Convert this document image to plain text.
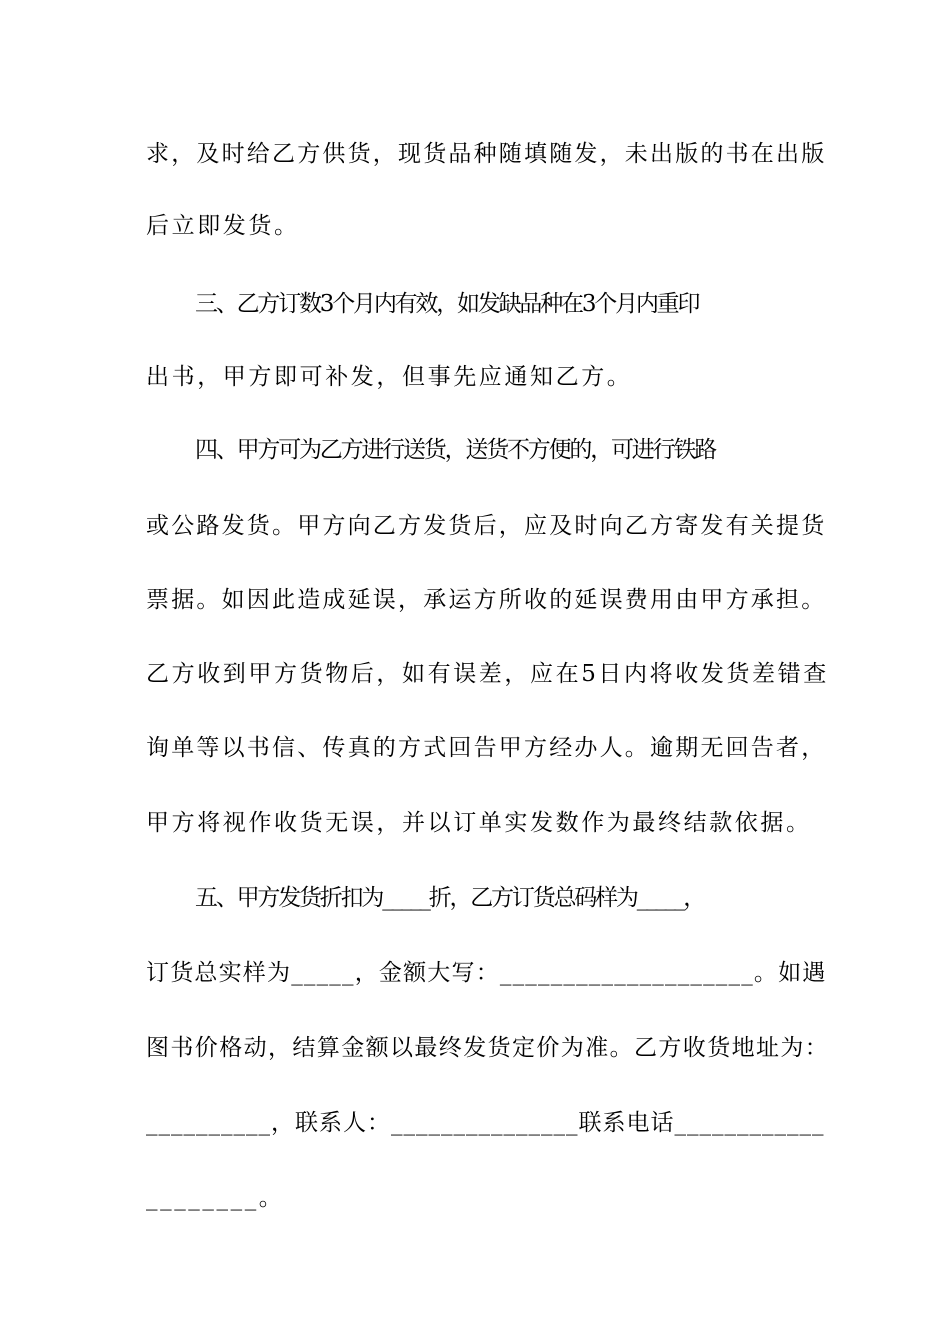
求，及时给乙方供货，现货品种随填随发，未出版的书在出版
后立即发货。
三、乙方订数3个月内有效，如发缺品种在3个月内重印
出书，甲方即可补发，但事先应通知乙方。
四、甲方可为乙方进行送货，送货不方便的，可进行铁路
或公路发货。甲方向乙方发货后，应及时向乙方寄发有关提货
票据。如因此造成延误，承运方所收的延误费用由甲方承担。
乙方收到甲方货物后，如有误差，应在5日内将收发货差错查
询单等以书信、传真的方式回告甲方经办人。逾期无回告者，
甲方将视作收货无误，并以订单实发数作为最终结款依据。
五、甲方发货折扣为_____折，乙方订货总码样为_____，
订货总实样为_____，金额大写：____________________。如遇
图书价格动，结算金额以最终发货定价为准。乙方收货地址为：
__________，联系人：_______________联系电话____________
________。
